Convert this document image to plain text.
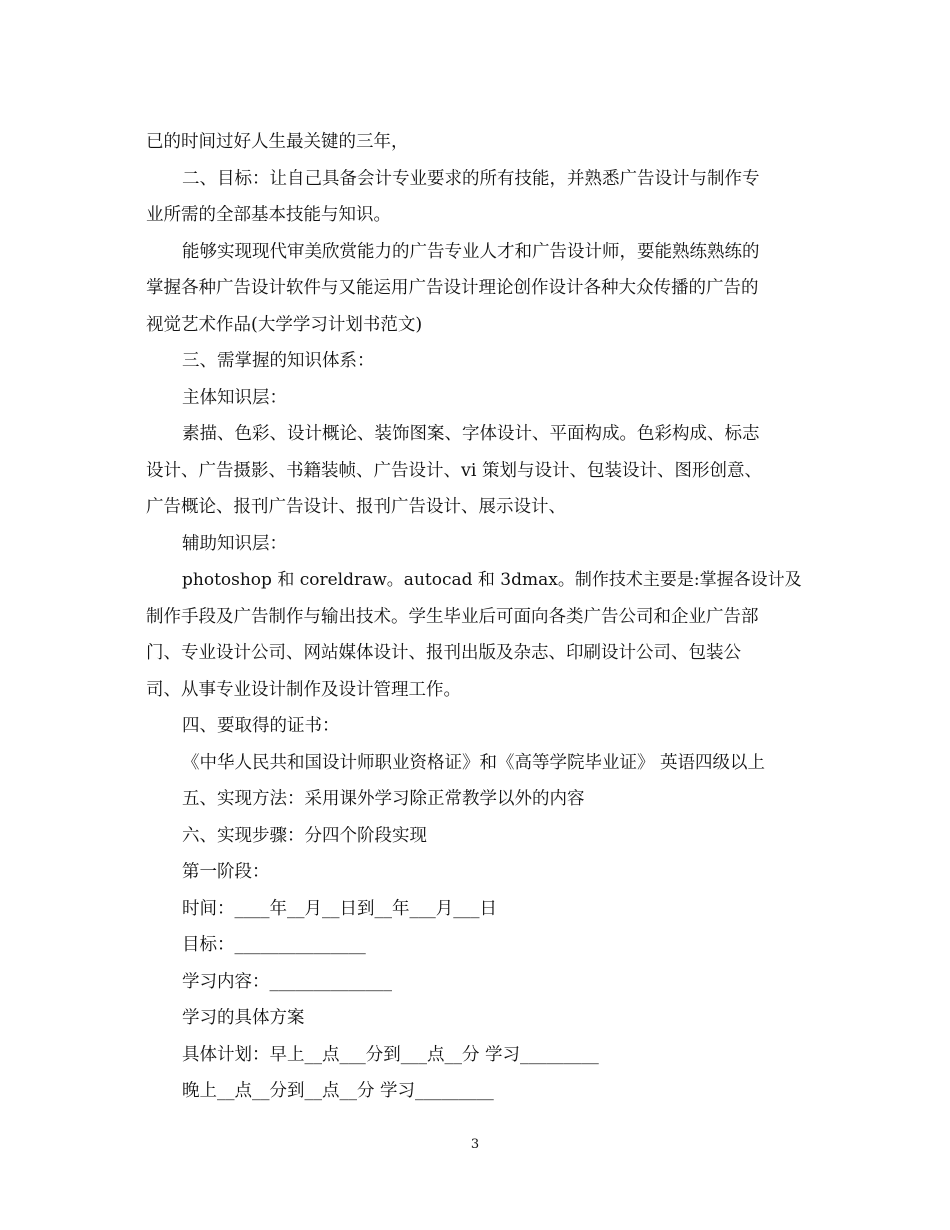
已的时间过好人生最关键的三年，

二、目标：让自己具备会计专业要求的所有技能，并熟悉广告设计与制作专

业所需的全部基本技能与知识。

能够实现现代审美欣赏能力的广告专业人才和广告设计师，要能熟练熟练的

掌握各种广告设计软件与又能运用广告设计理论创作设计各种大众传播的广告的

视觉艺术作品(大学学习计划书范文)

三、需掌握的知识体系：

主体知识层：

素描、色彩、设计概论、装饰图案、字体设计、平面构成。色彩构成、标志

设计、广告摄影、书籍装帧、广告设计、vi 策划与设计、包装设计、图形创意、

广告概论、报刊广告设计、报刊广告设计、展示设计、

辅助知识层：

photoshop 和 coreldraw。autocad 和 3dmax。制作技术主要是:掌握各设计及

制作手段及广告制作与输出技术。学生毕业后可面向各类广告公司和企业广告部

门、专业设计公司、网站媒体设计、报刊出版及杂志、印刷设计公司、包装公

司、从事专业设计制作及设计管理工作。

四、要取得的证书：

《中华人民共和国设计师职业资格证》和《高等学院毕业证》 英语四级以上

五、实现方法：采用课外学习除正常教学以外的内容

六、实现步骤：分四个阶段实现

第一阶段：

时间：____年__月__日到__年___月___日

目标：_______________

学习内容：______________

学习的具体方案

具体计划：早上__点___分到___点__分 学习_________

晚上__点__分到__点__分 学习_________

3
